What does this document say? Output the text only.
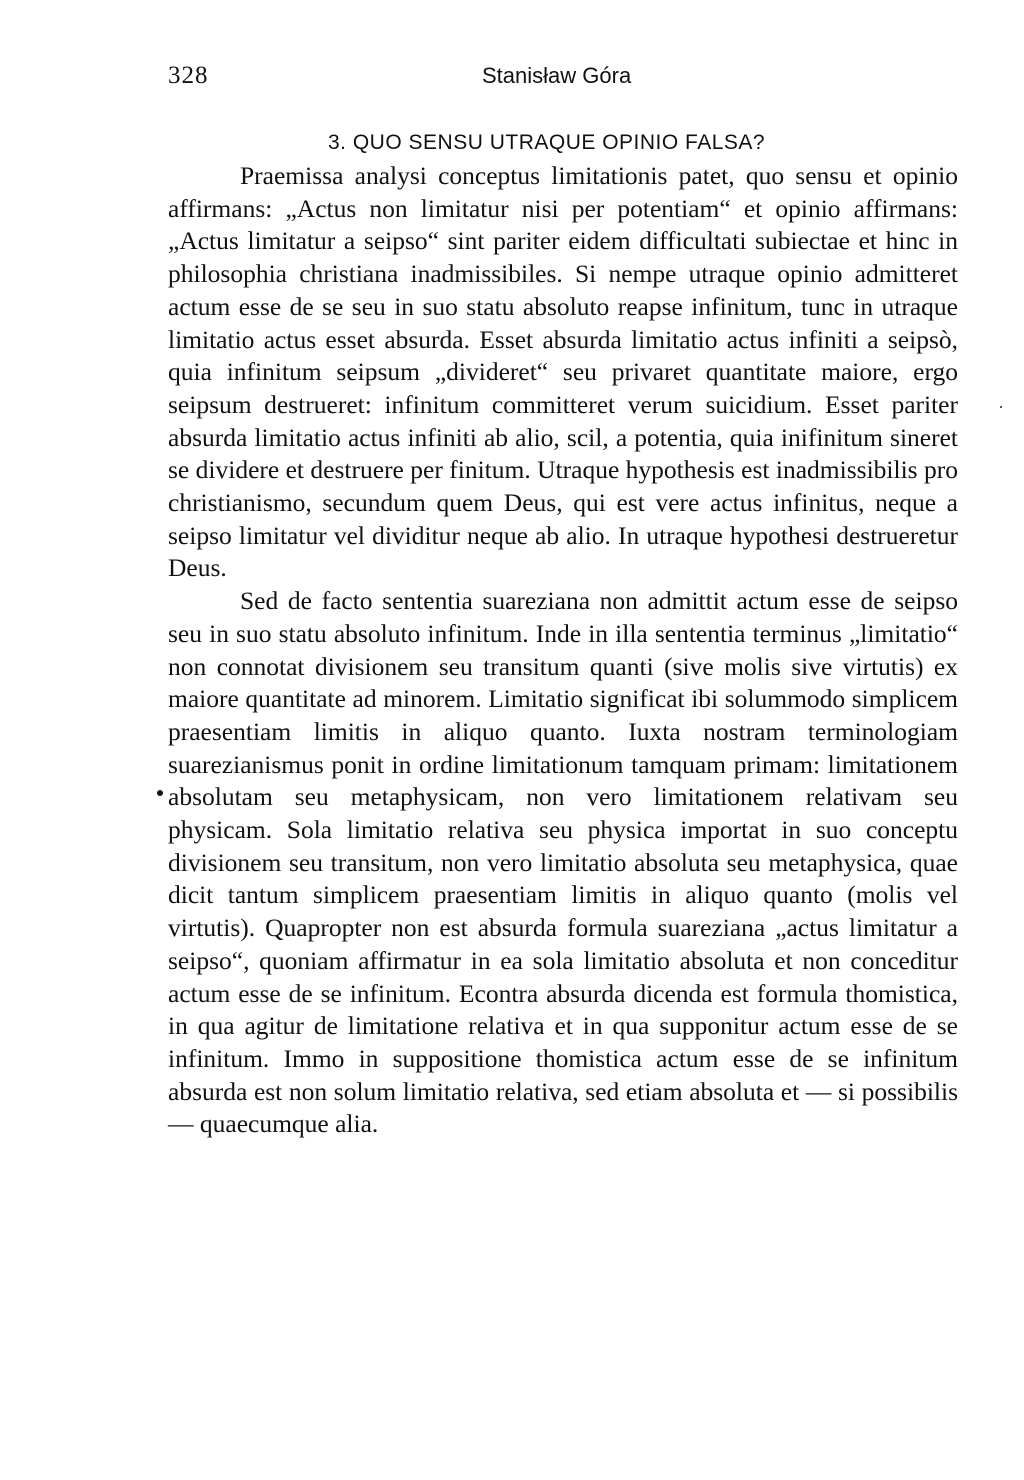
328	Stanisław Góra
3. QUO SENSU UTRAQUE OPINIO FALSA?

Praemissa analysi conceptus limitationis patet, quo sensu et opinio affirmans: „Actus non limitatur nisi per potentiam“ et opinio affirmans: „Actus limitatur a seipso“ sint pariter eidem difficultati subiectae et hinc in philosophia christiana inadmissibiles. Si nempe utraque opinio admitteret actum esse de se seu in suo statu absoluto reapse infinitum, tunc in utraque limitatio actus esset absurda. Esset absurda limitatio actus infiniti a seipsò, quia infinitum seipsum „divideret“ seu privaret quantitate maiore, ergo seipsum destrueret: infinitum committeret verum suicidium. Esset pariter absurda limitatio actus infiniti ab alio, scil, a potentia, quia inifinitum sineret se dividere et destruere per finitum. Utraque hypothesis est inadmissibilis pro christianismo, secundum quem Deus, qui est vere actus infinitus, neque a seipso limitatur vel dividitur neque ab alio. In utraque hypothesi destrueretur Deus.

Sed de facto sententia suareziana non admittit actum esse de seipso seu in suo statu absoluto infinitum. Inde in illa sententia terminus „limitatio“ non connotat divisionem seu transitum quanti (sive molis sive virtutis) ex maiore quantitate ad minorem. Limitatio significat ibi solummodo simplicem praesentiam limitis in aliquo quanto. Iuxta nostram terminologiam suarezianismus ponit in ordine limitationum tamquam primam: limitationem absolutam seu metaphysicam, non vero limitationem relativam seu physicam. Sola limitatio relativa seu physica importat in suo conceptu divisionem seu transitum, non vero limitatio absoluta seu metaphysica, quae dicit tantum simplicem praesentiam limitis in aliquo quanto (molis vel virtutis). Quapropter non est absurda formula suareziana „actus limitatur a seipso“, quoniam affirmatur in ea sola limitatio absoluta et non conceditur actum esse de se infinitum. Econtra absurda dicenda est formula thomistica, in qua agitur de limitatione relativa et in qua supponitur actum esse de se infinitum. Immo in suppositione thomistica actum esse de se infinitum absurda est non solum limitatio relativa, sed etiam absoluta et — si possibilis — quaecumque alia.
